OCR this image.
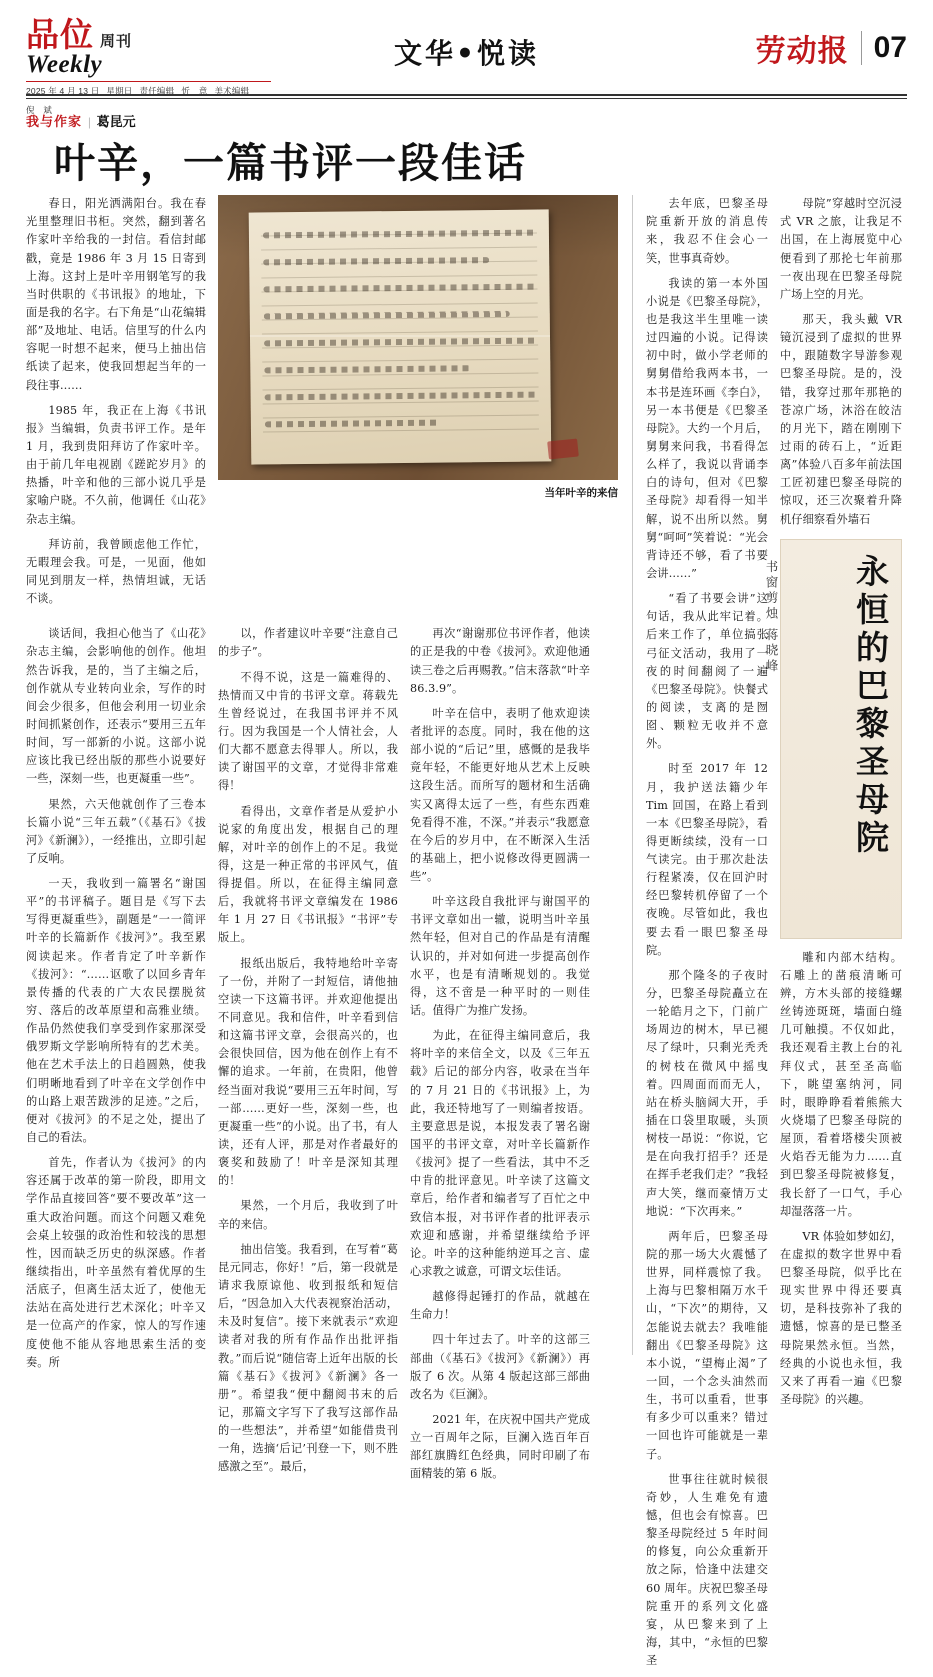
品位 周刊
Weekly
2025 年 4 月 13 日 星期日 责任编辑 忻　意 美术编辑
倪　斌
文华•悦读	劳动报 07
我与作家 | 葛昆元
叶辛，一篇书评一段佳话

春日，阳光洒满阳台。我在春光里整理旧书柜。突然，翻到著名作家叶辛给我的一封信。看信封邮戳，竟是 1986 年 3 月 15 日寄到上海。这封上是叶辛用钢笔写的我当时供职的《书讯报》的地址，下面是我的名字。右下角是“山花编辑部”及地址、电话。信里写的什么内容呢一时想不起来，便马上抽出信纸读了起来，使我回想起当年的一段往事……

1985 年，我正在上海《书讯报》当编辑，负责书评工作。是年 1 月，我到贵阳拜访了作家叶辛。由于前几年电视剧《蹉跎岁月》的热播，叶辛和他的三部小说几乎是家喻户晓。不久前，他调任《山花》杂志主编。

拜访前，我曾顾虑他工作忙，无暇理会我。可是，一见面，他如同见到朋友一样，热情坦诚，无话不谈。

当年叶辛的来信

谈话间，我担心他当了《山花》杂志主编，会影响他的创作。他坦然告诉我，是的，当了主编之后，创作就从专业转向业余，写作的时间会少很多，但他会利用一切业余时间抓紧创作，还表示“要用三五年时间，写一部新的小说。这部小说应该比我已经出版的那些小说要好一些，深刻一些，也更凝重一些”。

果然，六天他就创作了三卷本长篇小说“三年五载”（《基石》《拔河》《新澜》），一经推出，立即引起了反响。

一天，我收到一篇署名“谢国平”的书评稿子。题目是《写下去　写得更凝重些》，副题是“一一简评叶辛的长篇新作《拔河》”。我至累阅读起来。作者肯定了叶辛新作《拔河》：“……讴歌了以回乡青年景传播的代表的广大农民摆脱贫穷、落后的改革原望和高雅业绩。作品仍然使我们享受到作家那深受俄罗斯文学影响所特有的艺术美。他在艺术手法上的日趋圆熟，使我们明晰地看到了叶辛在文学创作中的山路上艰苦跋涉的足迹。”之后，便对《拔河》的不足之处，提出了自己的看法。

首先，作者认为《拔河》的内容还属于改革的第一阶段，即用文学作品直接回答“要不要改革”这一重大政治问题。而这个问题又难免会桌上较强的政治性和较浅的思想性，因而缺乏历史的纵深感。作者继续指出，叶辛虽然有着优厚的生活底子，但离生活太近了，使他无法站在高处进行艺术深化；叶辛又是一位高产的作家，惊人的写作速度使他不能从容地思索生活的变奏。所

以，作者建议叶辛要“注意自己的步子”。

不得不说，这是一篇难得的、热情而又中肯的书评文章。蒋载先生曾经说过，在我国书评并不风行。因为我国是一个人情社会，人们大都不愿意去得罪人。所以，我读了谢国平的文章，才觉得非常难得！

看得出，文章作者是从爱护小说家的角度出发，根据自己的理解，对叶辛的创作上的不足。我觉得，这是一种正常的书评风气，值得提倡。所以，在征得主编同意后，我就将书评文章编发在 1986 年 1 月 27 日《书讯报》“书评”专版上。

报纸出版后，我特地给叶辛寄了一份，并附了一封短信，请他抽空读一下这篇书评。并欢迎他提出不同意见。我和信件，叶辛看到信和这篇书评文章，会很高兴的，也会很快回信，因为他在创作上有不懈的追求。一年前，在贵阳，他曾经当面对我说“要用三五年时间，写一部……更好一些，深刻一些，也更凝重一些”的小说。出了书，有人读，还有人评，那是对作者最好的褒奖和鼓励了！叶辛是深知其理的！

果然，一个月后，我收到了叶辛的来信。

抽出信笺。我看到，在写着“葛昆元同志，你好！”后，第一段就是请求我原谅他、收到报纸和短信后，“因急加入大代表视察治活动，未及时复信”。接下来就表示“欢迎读者对我的所有作品作出批评指教。”而后说“随信寄上近年出版的长篇《基石》《拔河》《新澜》各一册”。希望我“便中翻阅书末的后记，那篇文字写下了我写这部作品的一些想法”，并希望“如能借贵刊一角，选摘‘后记’刊登一下，则不胜感激之至”。最后，

再次“谢谢那位书评作者，他读的正是我的中卷《拔河》。欢迎他通读三卷之后再赐教。”信末落款“叶辛 86.3.9”。

叶辛在信中，表明了他欢迎读者批评的态度。同时，我在他的这部小说的“后记”里，感慨的是我毕竟年轻，不能更好地从艺术上反映这段生活。而所写的题材和生活确实又离得太远了一些，有些东西难免看得不准，不深。”并表示“我愿意在今后的岁月中，在不断深入生活的基础上，把小说修改得更圆满一些”。

叶辛这段自我批评与谢国平的书评文章如出一辙，说明当叶辛虽然年轻，但对自己的作品是有清醒认识的，并对如何进一步提高创作水平，也是有清晰规划的。我觉得，这不啻是一种平时的一则佳话。值得广为推广发扬。

为此，在征得主编同意后，我将叶辛的来信全文，以及《三年五载》后记的部分内容，收录在当年的 7 月 21 日的《书讯报》上，为此，我还特地写了一则编者按语。主要意思是说，本报发表了署名谢国平的书评文章，对叶辛长篇新作《拔河》提了一些看法，其中不乏中肯的批评意见。叶辛读了这篇文章后，给作者和编者写了百忙之中致信本报，对书评作者的批评表示欢迎和感谢，并希望继续给予评论。叶辛的这种能纳逆耳之言、虚心求教之诚意，可谓文坛佳话。

越修得起锤打的作品，就越在生命力！

四十年过去了。叶辛的这部三部曲（《基石》《拔河》《新澜》）再版了 6 次。从第 4 版起这部三部曲改名为《巨澜》。

2021 年，在庆祝中国共产党成立一百周年之际，巨澜入选百年百部红旗腾红色经典，同时印刷了布面精装的第 6 版。

去年底，巴黎圣母院重新开放的消息传来，我忍不住会心一笑，世事真奇妙。

我读的第一本外国小说是《巴黎圣母院》，也是我这半生里唯一读过四遍的小说。记得读初中时，做小学老师的舅舅借给我两本书，一本书是连环画《李白》，另一本书便是《巴黎圣母院》。大约一个月后，舅舅来问我，书看得怎么样了，我说以背诵李白的诗句，但对《巴黎圣母院》却看得一知半解，说不出所以然。舅舅“呵呵”笑着说：“光会背诗还不够，看了书要会讲……”

“看了书要会讲”这句话，我从此牢记着。后来工作了，单位搞张弓征文活动，我用了一夜的时间翻阅了一遍《巴黎圣母院》。快餐式的阅读，支离的是囫囵、颗粒无收并不意外。

时至 2017 年 12 月，我护送法籍少年 Tim 回国，在路上看到一本《巴黎圣母院》，看得更断续续，没有一口气读完。由于那次赴法行程紧凑，仅在回沪时经巴黎转机停留了一个夜晚。尽管如此，我也要去看一眼巴黎圣母院。

那个隆冬的子夜时分，巴黎圣母院矗立在一轮皓月之下，门前广场周边的树木，早已褪尽了绿叶，只剩光秃秃的树枝在微风中摇曳着。四周面而而无人，站在桥头脑阔大开，手插在口袋里取暖，头顶树枝一昂说：“你说，它是在向我打招手？还是在挥手老我们走？”我轻声大笑，继而豪情万丈地说：“下次再来。”

两年后，巴黎圣母院的那一场大火震憾了世界，同样震惊了我。上海与巴黎相隔万水千山，“下次”的期待，又怎能说去就去？我唯能翻出《巴黎圣母院》这本小说，“望梅止渴”了一回，一个念头油然而生，书可以重看，世事有多少可以重来？错过一回也许可能就是一辈子。

世事往往就时候很奇妙，人生难免有遗憾，但也会有惊喜。巴黎圣母院经过 5 年时间的修复，向公众重新开放之际，恰逢中法建交 60 周年。庆祝巴黎圣母院重开的系列文化盛宴，从巴黎来到了上海，其中，“永恒的巴黎圣

母院”穿越时空沉浸式 VR 之旅，让我足不出国，在上海展览中心便看到了那抡七年前那一夜出现在巴黎圣母院广场上空的月光。

那天，我头戴 VR 镜沉浸到了虚拟的世界中，跟随数字导游参观巴黎圣母院。是的，没错，我穿过那年那艳的苍凉广场，沐浴在皎洁的月光下，踏在刚刚下过雨的砖石上，“近距离”体验八百多年前法国工匠初建巴黎圣母院的惊叹，还三次聚着升降机仔细察看外墙石

永恒的巴黎圣母院
书窗剪烛
蒋晓峰

雕和内部木结构。石雕上的凿痕清晰可辨，方木头部的接缝螺丝铸迹斑斑，墙面白缝几可触摸。不仅如此，我还观看主教上台的礼拜仪式，甚至圣高临下，眺望塞纳河，同时，眼睁睁看着熊熊大火烧塌了巴黎圣母院的屋顶，看着塔楼尖顶被火焰吞无能为力……直到巴黎圣母院被修复，我长舒了一口气，手心却湿落落一片。

VR 体验如梦如幻，在虚拟的数字世界中看巴黎圣母院，似乎比在现实世界中得还要真切，是科技弥补了我的遗憾，惊喜的是已整圣母院果然永恒。当然，经典的小说也永恒，我又来了再看一遍《巴黎圣母院》的兴趣。
